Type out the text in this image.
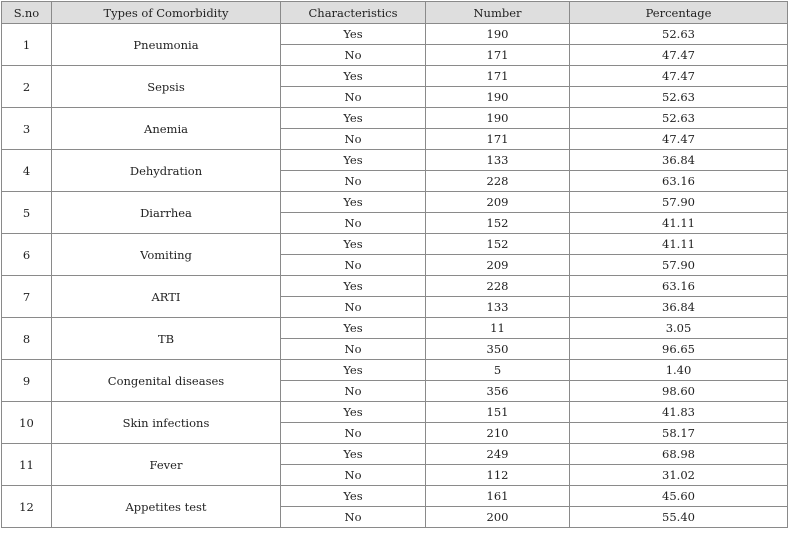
S.no	Types of Comorbidity	Characteristics	Number	Percentage
1	Pneumonia	Yes	190	52.63
		No	171	47.47
2	Sepsis	Yes	171	47.47
		No	190	52.63
3	Anemia	Yes	190	52.63
		No	171	47.47
4	Dehydration	Yes	133	36.84
		No	228	63.16
5	Diarrhea	Yes	209	57.90
		No	152	41.11
6	Vomiting	Yes	152	41.11
		No	209	57.90
7	ARTI	Yes	228	63.16
		No	133	36.84
8	TB	Yes	11	3.05
		No	350	96.65
9	Congenital diseases	Yes	5	1.40
		No	356	98.60
10	Skin infections	Yes	151	41.83
		No	210	58.17
11	Fever	Yes	249	68.98
		No	112	31.02
12	Appetites test	Yes	161	45.60
		No	200	55.40
